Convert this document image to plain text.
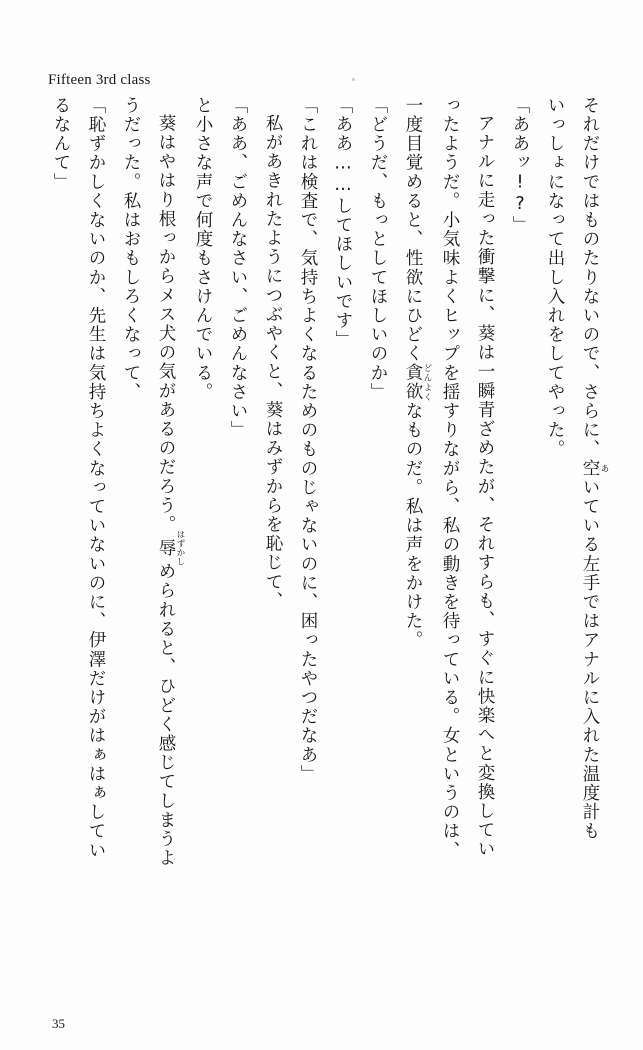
Fifteen 3rd class

それだけではものたりないので、さらに、空 あいている左手ではアナルに入れた温度計も

いっしょになって出し入れをしてやった。

「ああッ!?」

アナルに走った衝撃に、葵は一瞬青ざめたが、それすらも、すぐに快楽へと変換してい

ったようだ。小気味よくヒップを揺すりながら、私の動きを待っている。女というのは、

一度目覚めると、性欲にひどく貪欲 どんよくなものだ。私は声をかけた。

「どうだ、もっとしてほしいのか」

「ああ……してほしいです」

「これは検査で、気持ちよくなるためのものじゃないのに、困ったやつだなあ」

私があきれたようにつぶやくと、葵はみずからを恥じて、

「ああ、ごめんなさい、ごめんなさい」

と小さな声で何度もさけんでいる。

葵はやはり根っからメス犬の気があるのだろう。辱 はずかしめられると、ひどく感じてしまうよ

うだった。私はおもしろくなって、

「恥ずかしくないのか、先生は気持ちよくなっていないのに、伊澤だけがはぁはぁしてい

るなんて」

35
